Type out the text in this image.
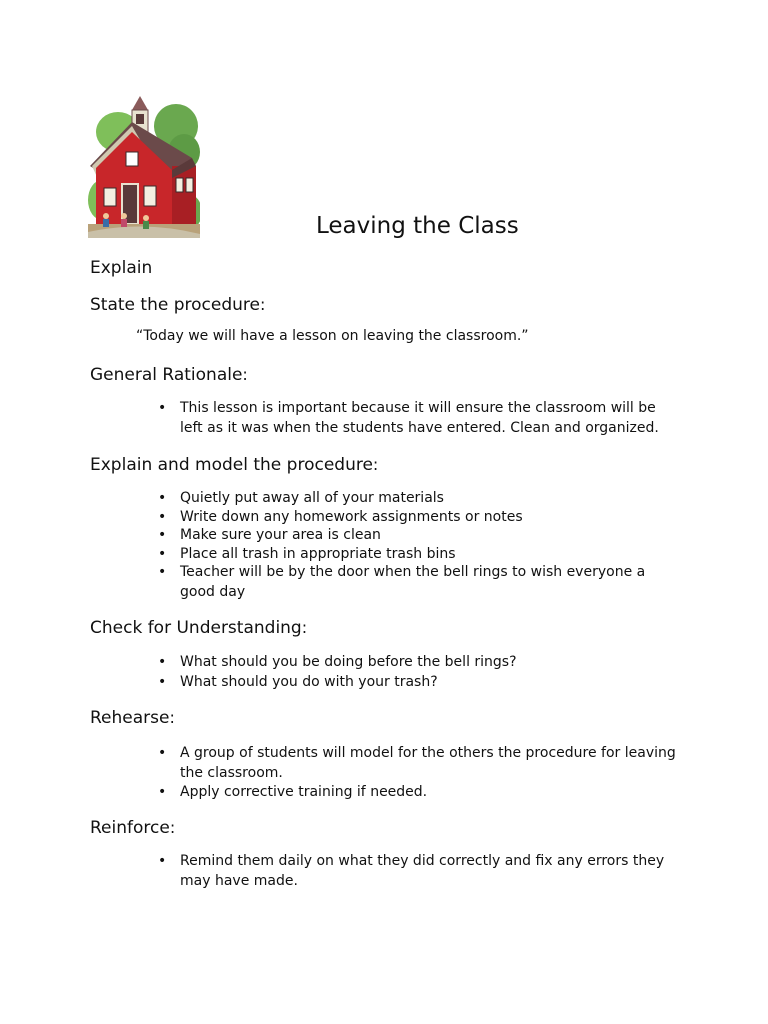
Leaving the Class
Explain
State the procedure:

“Today we will have a lesson on leaving the classroom.”

General Rationale:
• This lesson is important because it will ensure the classroom will be left as it was when the students have entered. Clean and organized.
Explain and model the procedure:
• Quietly put away all of your materials
• Write down any homework assignments or notes
• Make sure your area is clean
• Place all trash in appropriate trash bins
• Teacher will be by the door when the bell rings to wish everyone a good day
Check for Understanding:
• What should you be doing before the bell rings?
• What should you do with your trash?
Rehearse:
• A group of students will model for the others the procedure for leaving the classroom.
• Apply corrective training if needed.
Reinforce:
• Remind them daily on what they did correctly and fix any errors they may have made.
